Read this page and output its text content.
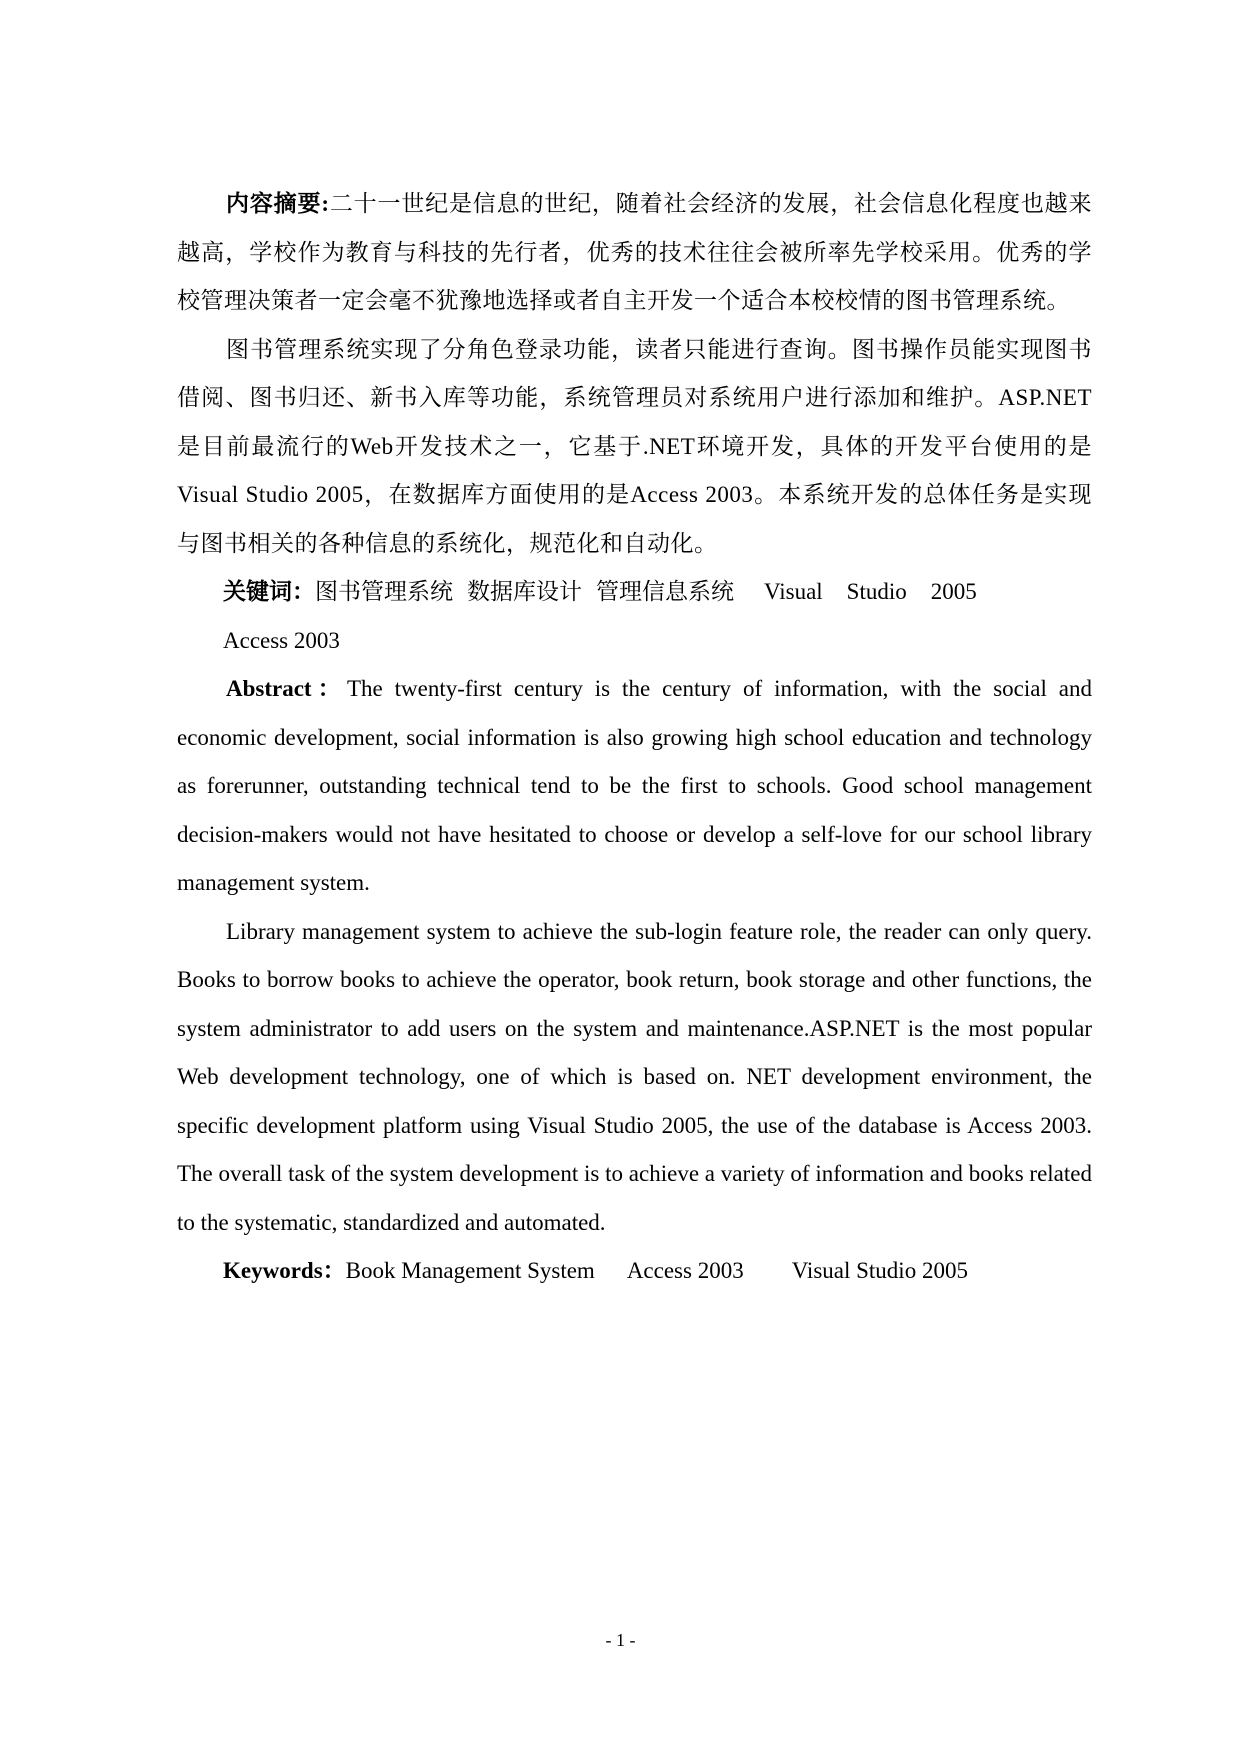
内容摘要:二十一世纪是信息的世纪，随着社会经济的发展，社会信息化程度也越来越高，学校作为教育与科技的先行者，优秀的技术往往会被所率先学校采用。优秀的学校管理决策者一定会毫不犹豫地选择或者自主开发一个适合本校校情的图书管理系统。

图书管理系统实现了分角色登录功能，读者只能进行查询。图书操作员能实现图书借阅、图书归还、新书入库等功能，系统管理员对系统用户进行添加和维护。ASP.NET是目前最流行的Web开发技术之一，它基于.NET环境开发，具体的开发平台使用的是Visual Studio 2005，在数据库方面使用的是Access 2003。本系统开发的总体任务是实现与图书相关的各种信息的系统化，规范化和自动化。

关键词：图书管理系统 数据库设计 管理信息系统 Visual Studio 2005

Access 2003

Abstract：The twenty-first century is the century of information, with the social and economic development, social information is also growing high school education and technology as forerunner, outstanding technical tend to be the first to schools. Good school management decision-makers would not have hesitated to choose or develop a self-love for our school library management system.

Library management system to achieve the sub-login feature role, the reader can only query. Books to borrow books to achieve the operator, book return, book storage and other functions, the system administrator to add users on the system and maintenance.ASP.NET is the most popular Web development technology, one of which is based on. NET development environment, the specific development platform using Visual Studio 2005, the use of the database is Access 2003. The overall task of the system development is to achieve a variety of information and books related to the systematic, standardized and automated.

Keywords：Book Management System Access 2003 Visual Studio 2005

- 1 -
